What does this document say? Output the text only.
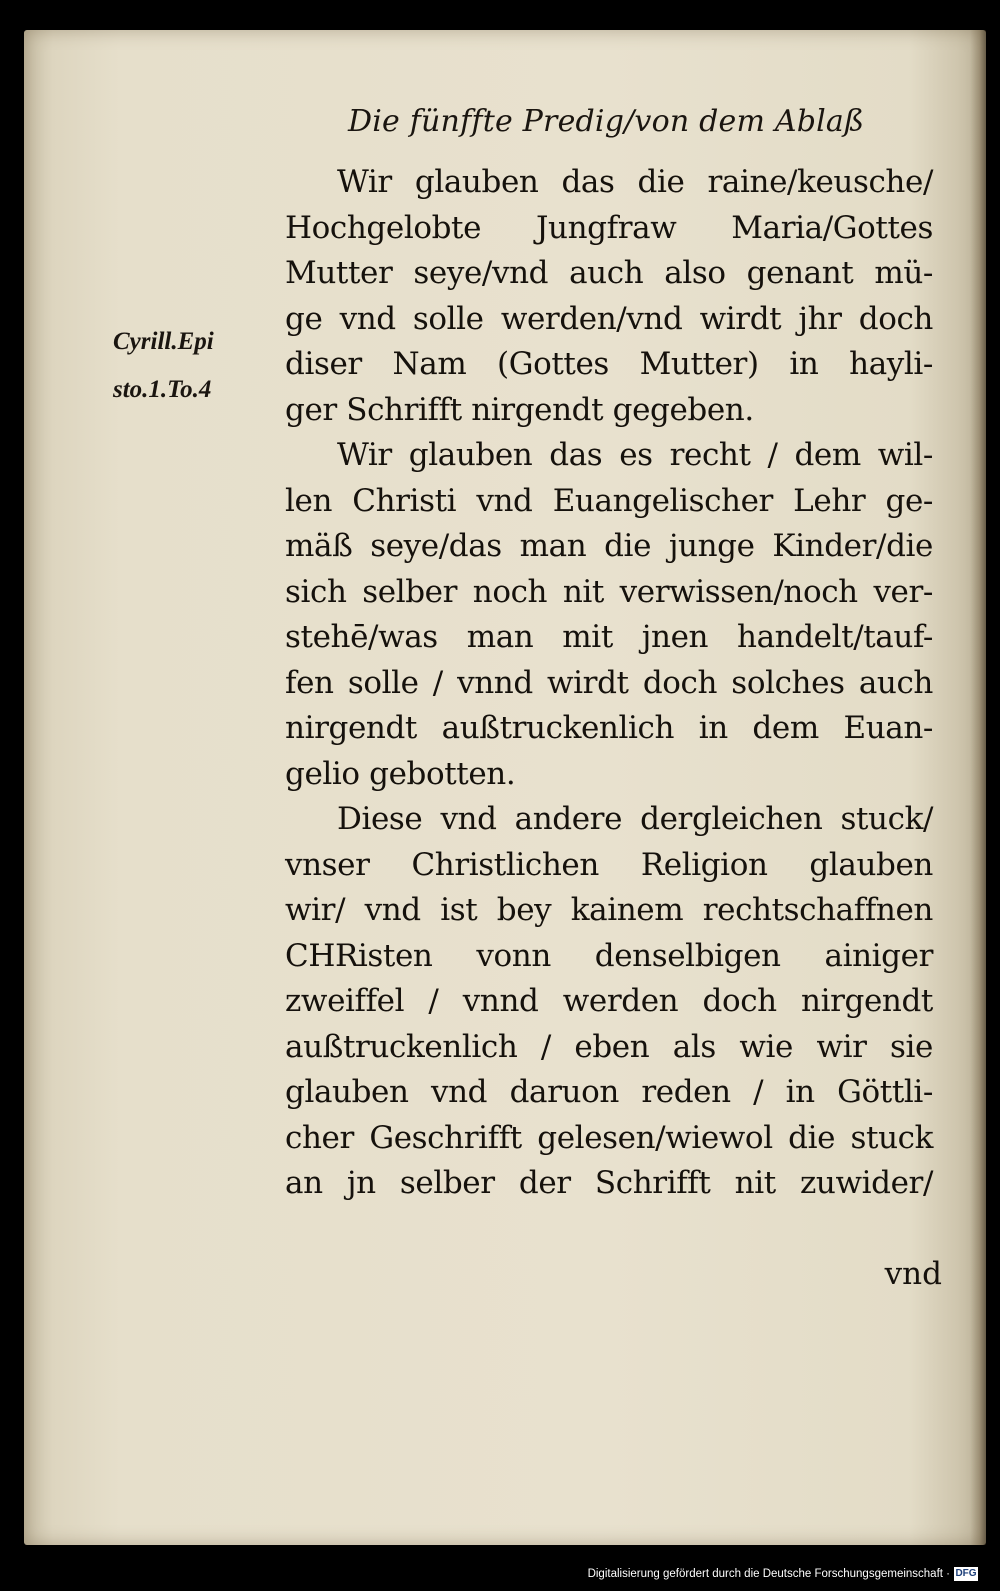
Die fünffte Predig/von dem Ablaß
Cyrill.Epi
sto.1.To.4
Wir glauben das die raine/keusche/
Hochgelobte Jungfraw Maria/Gottes
Mutter seye/vnd auch also genant mü-
ge vnd solle werden/vnd wirdt jhr doch
diser Nam (Gottes Mutter) in hayli-
ger Schrifft nirgendt gegeben.
Wir glauben das es recht / dem wil-
len Christi vnd Euangelischer Lehr ge-
mäß seye/das man die junge Kinder/die
sich selber noch nit verwissen/noch ver-
stehē/was man mit jnen handelt/tauf-
fen solle / vnnd wirdt doch solches auch
nirgendt außtruckenlich in dem Euan-
gelio gebotten.
Diese vnd andere dergleichen stuck/
vnser Christlichen Religion glauben
wir/ vnd ist bey kainem rechtschaffnen
CHRisten vonn denselbigen ainiger
zweiffel / vnnd werden doch nirgendt
außtruckenlich / eben als wie wir sie
glauben vnd daruon reden / in Göttli-
cher Geschrifft gelesen/wiewol die stuck
an jn selber der Schrifft nit zuwider/
vnd
Digitalisierung gefördert durch die Deutsche Forschungsgemeinschaft · DFG
